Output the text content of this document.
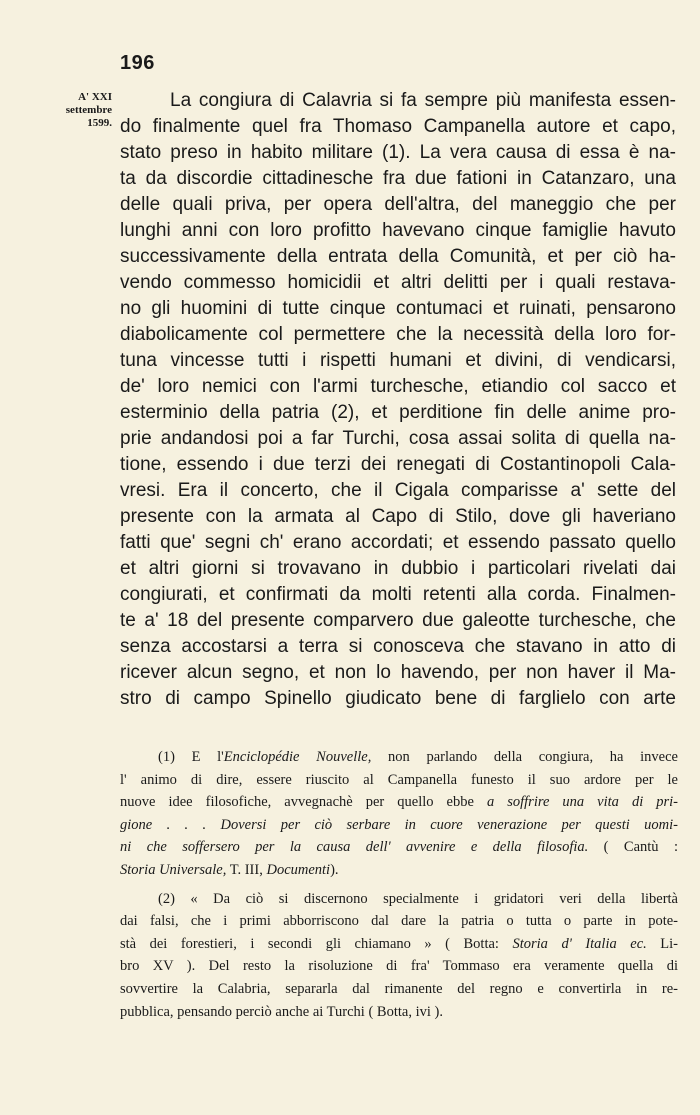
196
A' XXI
settembre
1599.
La congiura di Calavria si fa sempre più manifesta essen-
do finalmente quel fra Thomaso Campanella autore et capo,
stato preso in habito militare (1). La vera causa di essa è na-
ta da discordie cittadinesche fra due fationi in Catanzaro, una
delle quali priva, per opera dell'altra, del maneggio che per
lunghi anni con loro profitto havevano cinque famiglie havuto
successivamente della entrata della Comunità, et per ciò ha-
vendo commesso homicidii et altri delitti per i quali restava-
no gli huomini di tutte cinque contumaci et ruinati, pensarono
diabolicamente col permettere che la necessità della loro for-
tuna vincesse tutti i rispetti humani et divini, di vendicarsi,
de' loro nemici con l'armi turchesche, etiandio col sacco et
esterminio della patria (2), et perditione fin delle anime pro-
prie andandosi poi a far Turchi, cosa assai solita di quella na-
tione, essendo i due terzi dei renegati di Costantinopoli Cala-
vresi. Era il concerto, che il Cigala comparisse a' sette del
presente con la armata al Capo di Stilo, dove gli haveriano
fatti que' segni ch' erano accordati; et essendo passato quello
et altri giorni si trovavano in dubbio i particolari rivelati dai
congiurati, et confirmati da molti retenti alla corda. Finalmen-
te a' 18 del presente comparvero due galeotte turchesche, che
senza accostarsi a terra si conosceva che stavano in atto di
ricever alcun segno, et non lo havendo, per non haver il Ma-
stro di campo Spinello giudicato bene di farglielo con arte
(1) E l'Enciclopédie Nouvelle, non parlando della congiura, ha invece
l' animo di dire, essere riuscito al Campanella funesto il suo ardore per le
nuove idee filosofiche, avvegnachè per quello ebbe a soffrire una vita di pri-
gione . . . Doversi per ciò serbare in cuore venerazione per questi uomi-
ni che soffersero per la causa dell' avvenire e della filosofia. ( Cantù :
Storia Universale, T. III, Documenti).
(2) « Da ciò si discernono specialmente i gridatori veri della libertà
dai falsi, che i primi abborriscono dal dare la patria o tutta o parte in pote-
stà dei forestieri, i secondi gli chiamano » ( Botta: Storia d' Italia ec. Li-
bro XV ). Del resto la risoluzione di fra' Tommaso era veramente quella di
sovvertire la Calabria, separarla dal rimanente del regno e convertirla in re-
pubblica, pensando perciò anche ai Turchi ( Botta, ivi ).
